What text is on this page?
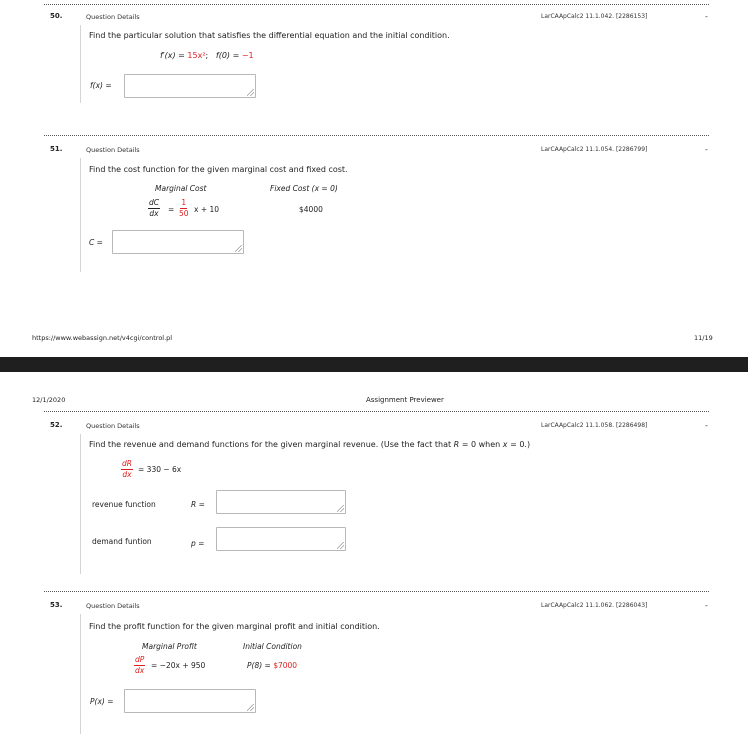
50.	Question Details	LarCAApCalc2 11.1.042. [2286153]	-
Find the particular solution that satisfies the differential equation and the initial condition.
f′(x) = 15x²; f(0) = −1
f(x) =
51.	Question Details	LarCAApCalc2 11.1.054. [2286799]	-
Find the cost function for the given marginal cost and fixed cost.
Marginal Cost	Fixed Cost (x = 0)
$\frac{dC}{dx} = \frac{1}{50}$ x + 10	$4000
C =
https://www.webassign.net/v4cgi/control.pl	11/19
12/1/2020	Assignment Previewer
52.	Question Details	LarCAApCalc2 11.1.058. [2286498]	-
Find the revenue and demand functions for the given marginal revenue. (Use the fact that R = 0 when x = 0.)
$\frac{dR}{dx} = 330 - 6x$
revenue function	R =
demand funtion	p =
53.	Question Details	LarCAApCalc2 11.1.062. [2286043]	-
Find the profit function for the given marginal profit and initial condition.
Marginal Profit	Initial Condition
$\frac{dP}{dx} = -20x + 950$	P(8) = $7000
P(x) =
